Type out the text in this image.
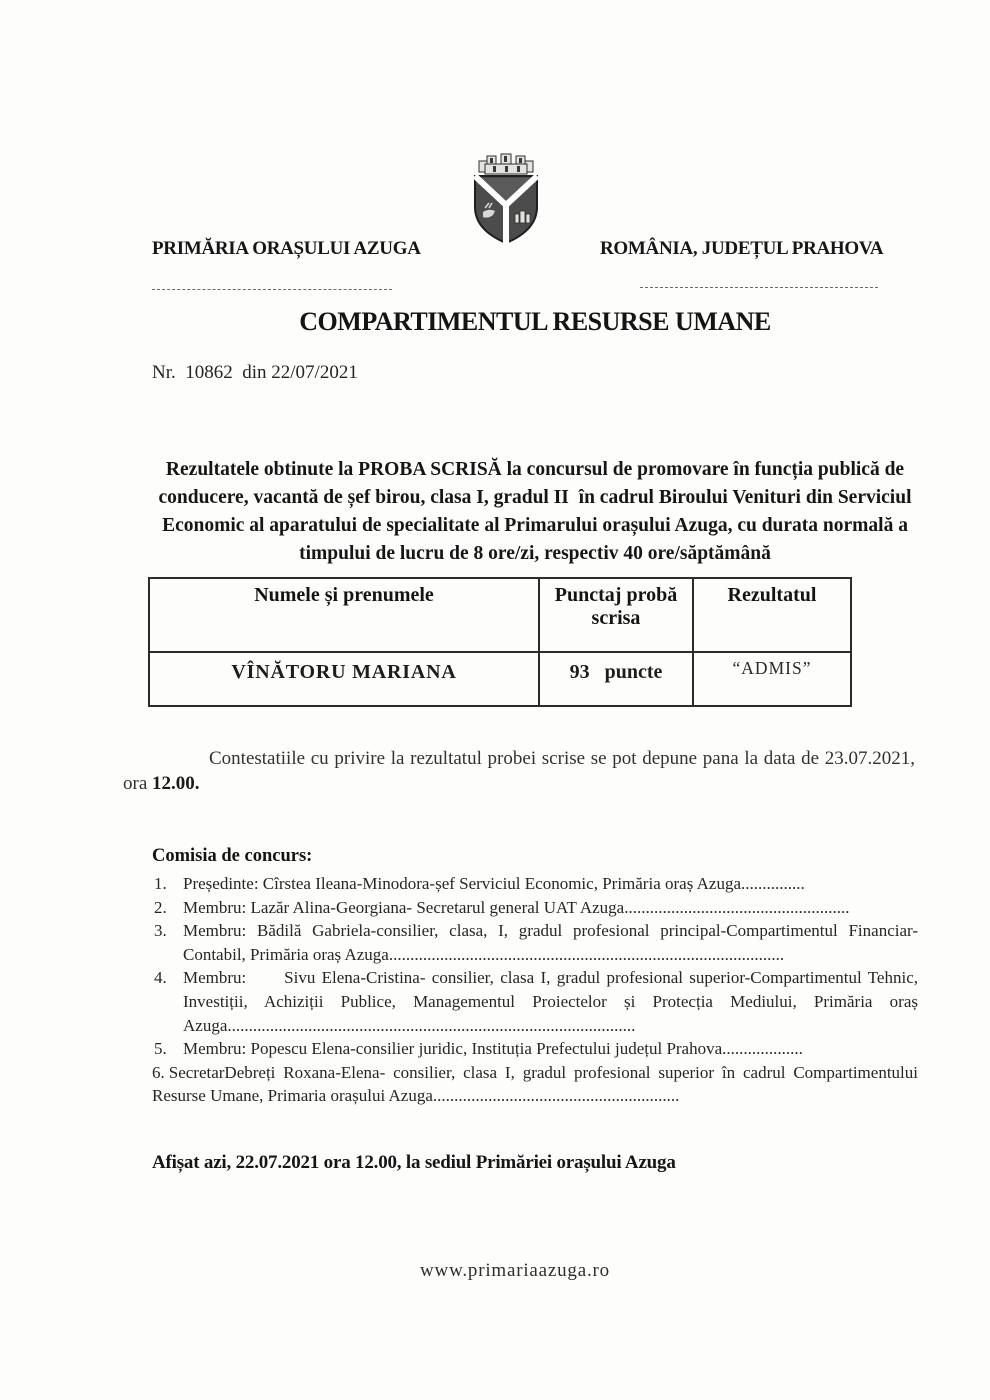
PRIMĂRIA ORAȘULUI AZUGA	ROMÂNIA, JUDEȚUL PRAHOVA
COMPARTIMENTUL RESURSE UMANE
Nr.  10862  din 22/07/2021
Rezultatele obtinute la PROBA SCRISĂ la concursul de promovare în funcția publică de conducere, vacantă de șef birou, clasa I, gradul II  în cadrul Biroului Venituri din Serviciul Economic al aparatului de specialitate al Primarului orașului Azuga, cu durata normală a timpului de lucru de 8 ore/zi, respectiv 40 ore/săptămână
Numele și prenumele	Punctaj probă scrisa	Rezultatul
VÎNĂTORU MARIANA	93   puncte	“ADMIS”

Contestatiile cu privire la rezultatul probei scrise se pot depune pana la data de 23.07.2021, ora 12.00.

Comisia de concurs:
1. Președinte: Cîrstea Ileana-Minodora-șef Serviciul Economic, Primăria oraș Azuga...............
2. Membru: Lazăr Alina-Georgiana- Secretarul general UAT Azuga.....................................................
3. Membru: Bădilă Gabriela-consilier, clasa, I, gradul profesional principal-Compartimentul Financiar-Contabil, Primăria oraș Azuga.............................................................................................
4. Membru:      Sivu Elena-Cristina- consilier, clasa I, gradul profesional superior-Compartimentul Tehnic, Investiții, Achiziții Publice, Managementul Proiectelor și Protecția Mediului, Primăria oraș Azuga................................................................................................
5. Membru: Popescu Elena-consilier juridic, Instituția Prefectului județul Prahova...................
6. SecretarDebreți Roxana-Elena- consilier, clasa I, gradul profesional superior în cadrul Compartimentului Resurse Umane, Primaria orașului Azuga..........................................................
Afișat azi, 22.07.2021 ora 12.00, la sediul Primăriei orașului Azuga
www.primariaazuga.ro
